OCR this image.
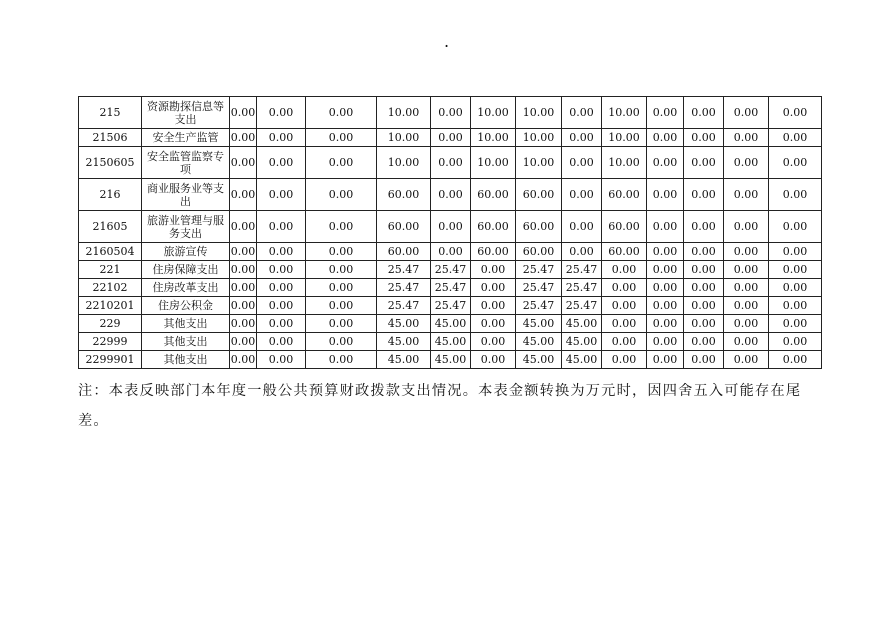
.
215	资源勘探信息等支出	0.00	0.00	0.00	10.00	0.00	10.00	10.00	0.00	10.00	0.00	0.00	0.00	0.00
21506	安全生产监管	0.00	0.00	0.00	10.00	0.00	10.00	10.00	0.00	10.00	0.00	0.00	0.00	0.00
2150605	安全监管监察专项	0.00	0.00	0.00	10.00	0.00	10.00	10.00	0.00	10.00	0.00	0.00	0.00	0.00
216	商业服务业等支出	0.00	0.00	0.00	60.00	0.00	60.00	60.00	0.00	60.00	0.00	0.00	0.00	0.00
21605	旅游业管理与服务支出	0.00	0.00	0.00	60.00	0.00	60.00	60.00	0.00	60.00	0.00	0.00	0.00	0.00
2160504	旅游宣传	0.00	0.00	0.00	60.00	0.00	60.00	60.00	0.00	60.00	0.00	0.00	0.00	0.00
221	住房保障支出	0.00	0.00	0.00	25.47	25.47	0.00	25.47	25.47	0.00	0.00	0.00	0.00	0.00
22102	住房改革支出	0.00	0.00	0.00	25.47	25.47	0.00	25.47	25.47	0.00	0.00	0.00	0.00	0.00
2210201	住房公积金	0.00	0.00	0.00	25.47	25.47	0.00	25.47	25.47	0.00	0.00	0.00	0.00	0.00
229	其他支出	0.00	0.00	0.00	45.00	45.00	0.00	45.00	45.00	0.00	0.00	0.00	0.00	0.00
22999	其他支出	0.00	0.00	0.00	45.00	45.00	0.00	45.00	45.00	0.00	0.00	0.00	0.00	0.00
2299901	其他支出	0.00	0.00	0.00	45.00	45.00	0.00	45.00	45.00	0.00	0.00	0.00	0.00	0.00
注：本表反映部门本年度一般公共预算财政拨款支出情况。本表金额转换为万元时，因四舍五入可能存在尾差。
